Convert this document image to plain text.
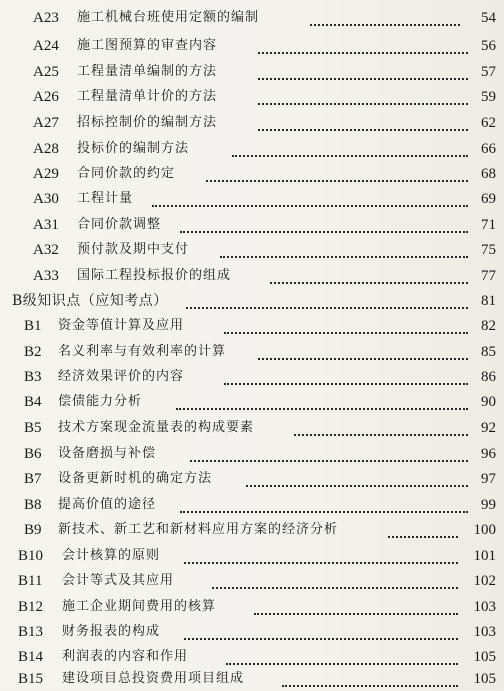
A23 施工机械台班使用定额的编制	54
A24 施工图预算的审查内容	56
A25 工程量清单编制的方法	57
A26 工程量清单计价的方法	59
A27 招标控制价的编制方法	62
A28 投标价的编制方法	66
A29 合同价款的约定	68
A30 工程计量	69
A31 合同价款调整	71
A32 预付款及期中支付	75
A33 国际工程投标报价的组成	77
B级知识点（应知考点）	81
B1 资金等值计算及应用	82
B2 名义利率与有效利率的计算	85
B3 经济效果评价的内容	86
B4 偿债能力分析	90
B5 技术方案现金流量表的构成要素	92
B6 设备磨损与补偿	96
B7 设备更新时机的确定方法	97
B8 提高价值的途径	99
B9 新技术、新工艺和新材料应用方案的经济分析	100
B10 会计核算的原则	101
B11 会计等式及其应用	102
B12 施工企业期间费用的核算	103
B13 财务报表的构成	103
B14 利润表的内容和作用	105
B15 建设项目总投资费用项目组成	105
